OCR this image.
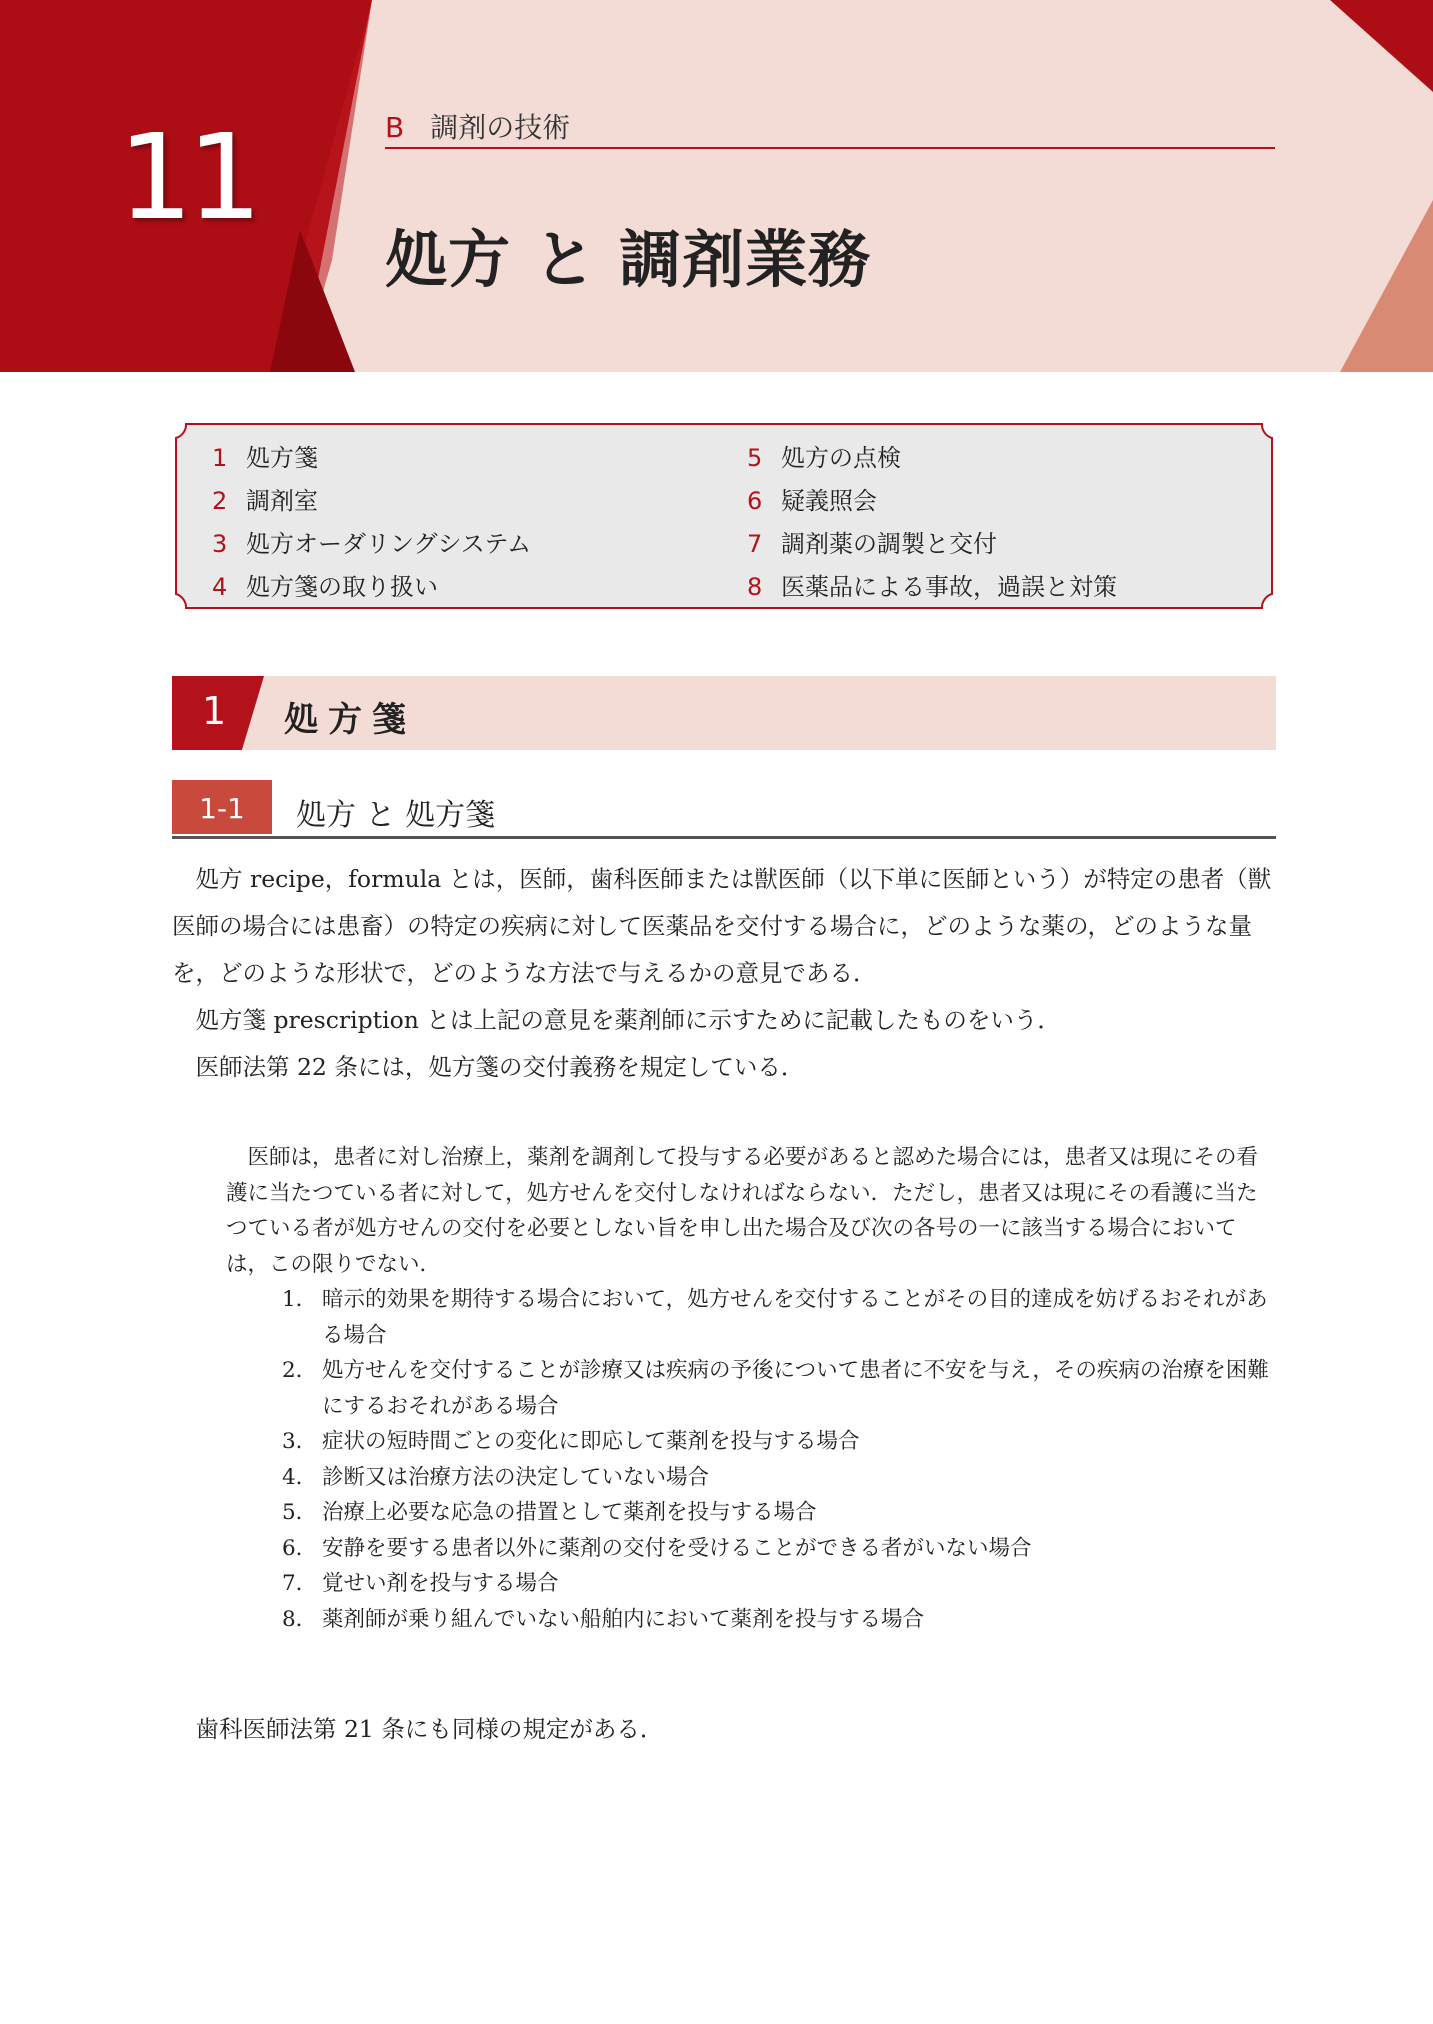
11	B 調剤の技術
処方 と 調剤業務
1 処方箋
2 調剤室
3 処方オーダリングシステム
4 処方箋の取り扱い
5 処方の点検
6 疑義照会
7 調剤薬の調製と交付
8 医薬品による事故，過誤と対策
1 処方箋
1-1	処方 と 処方箋
処方 recipe，formula とは，医師，歯科医師または獣医師（以下単に医師という）が特定の患者（獣医師の場合には患畜）の特定の疾病に対して医薬品を交付する場合に，どのような薬の，どのような量を，どのような形状で，どのような方法で与えるかの意見である．
処方箋 prescription とは上記の意見を薬剤師に示すために記載したものをいう．
医師法第 22 条には，処方箋の交付義務を規定している．

医師は，患者に対し治療上，薬剤を調剤して投与する必要があると認めた場合には，患者又は現にその看護に当たつている者に対して，処方せんを交付しなければならない．ただし，患者又は現にその看護に当たつている者が処方せんの交付を必要としない旨を申し出た場合及び次の各号の一に該当する場合においては，この限りでない．

1． 暗示的効果を期待する場合において，処方せんを交付することがその目的達成を妨げるおそれがある場合
2． 処方せんを交付することが診療又は疾病の予後について患者に不安を与え，その疾病の治療を困難にするおそれがある場合
3． 症状の短時間ごとの変化に即応して薬剤を投与する場合
4． 診断又は治療方法の決定していない場合
5． 治療上必要な応急の措置として薬剤を投与する場合
6． 安静を要する患者以外に薬剤の交付を受けることができる者がいない場合
7． 覚せい剤を投与する場合
8． 薬剤師が乗り組んでいない船舶内において薬剤を投与する場合
歯科医師法第 21 条にも同様の規定がある．
